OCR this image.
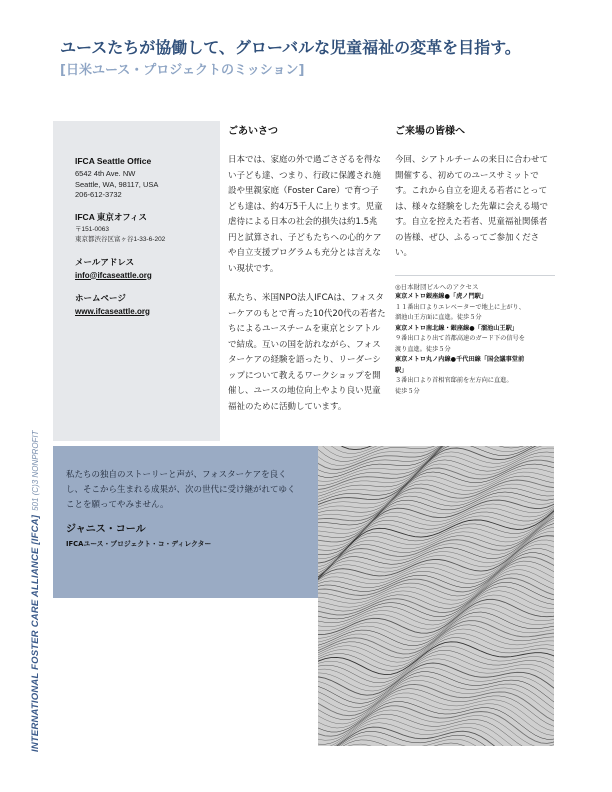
ユースたちが協働して、グローバルな児童福祉の変革を目指す。
[日米ユース・プロジェクトのミッション]
INTERNATIONAL FOSTER CARE ALLIANCE [IFCA]501 (C)3 NONPROFIT
IFCA Seattle Office
6542 4th Ave. NW
Seattle, WA, 98117, USA
206-612-3732
IFCA 東京オフィス
〒151-0063
東京都渋谷区富ヶ谷1-33-6-202
メールアドレス
info@ifcaseattle.org
ホームページ
www.ifcaseattle.org
ごあいさつ

日本では、家庭の外で過ごさざるを得ない子ども達、つまり、行政に保護され施設や里親家庭（Foster Care）で育つ子ども達は、約4万5千人に上ります。児童虐待による日本の社会的損失は約1.5兆円と試算され、子どもたちへの心的ケアや自立支援プログラムも充分とは言えない現状です。

私たち、米国NPO法人IFCAは、フォスターケアのもとで育った10代20代の若者たちによるユースチームを東京とシアトルで結成。互いの国を訪れながら、フォスターケアの経験を語ったり、リーダーシップについて教えるワークショップを開催し、ユースの地位向上やより良い児童福祉のために活動しています。

ご来場の皆様へ

今回、シアトルチームの来日に合わせて開催する、初めてのユースサミットです。これから自立を迎える若者にとっては、様々な経験をした先輩に会える場です。自立を控えた若者、児童福祉関係者の皆様、ぜひ、ふるってご参加ください。

◎日本財団ビルへのアクセス
東京メトロ銀座線●「虎ノ門駅」
１１番出口よりエレベーターで地上に上がり、
溜池山王方面に直進。徒歩５分
東京メトロ南北線・銀座線●「溜池山王駅」
９番出口より出て首都高速のガード下の信号を
渡り直進。徒歩５分
東京メトロ丸ノ内線●千代田線「国会議事堂前
駅」
３番出口より首相官邸前を左方向に直進。
徒歩５分

私たちの独自のストーリーと声が、フォスターケアを良くし、そこから生まれる成果が、次の世代に受け継がれてゆくことを願ってやみません。

ジャニス・コール
IFCAユース・プロジェクト・コ・ディレクター
